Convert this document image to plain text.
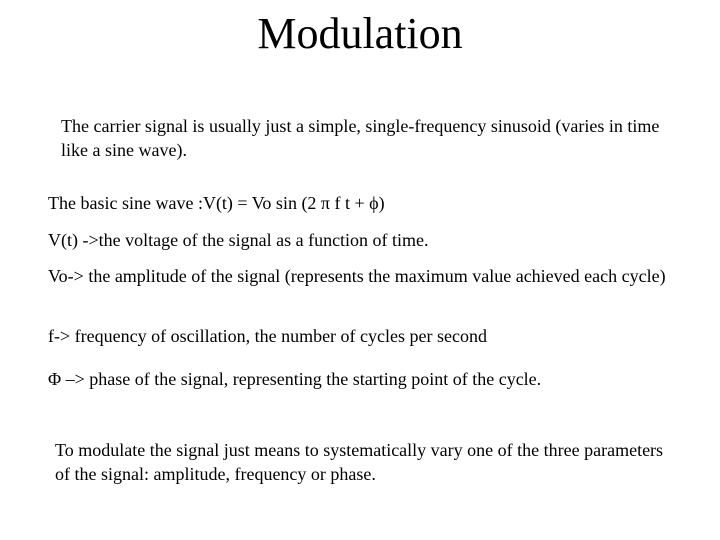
Modulation

The carrier signal is usually just a simple, single-frequency sinusoid (varies in time like a sine wave).

The basic sine wave :V(t) = Vo sin (2 π f t + ϕ)

V(t) ->the voltage of the signal as a function of time.

Vo-> the amplitude of the signal (represents the maximum value achieved each cycle)

f-> frequency of oscillation, the number of cycles per second

Φ –> phase of the signal, representing the starting point of the cycle.

To modulate the signal just means to systematically vary one of the three parameters of the signal: amplitude, frequency or phase.
